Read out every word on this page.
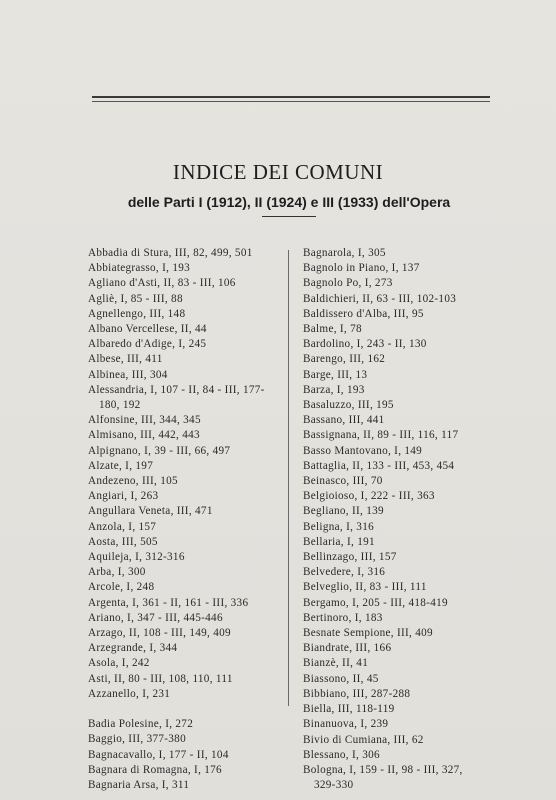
INDICE DEI COMUNI
delle Parti I (1912), II (1924) e III (1933) dell'Opera
Abbadia di Stura, III, 82, 499, 501
Abbiategrasso, I, 193
Agliano d'Asti, II, 83 - III, 106
Agliè, I, 85 - III, 88
Agnellengo, III, 148
Albano Vercellese, II, 44
Albaredo d'Adige, I, 245
Albese, III, 411
Albinea, III, 304
Alessandria, I, 107 - II, 84 - III, 177-
180, 192
Alfonsine, III, 344, 345
Almisano, III, 442, 443
Alpignano, I, 39 - III, 66, 497
Alzate, I, 197
Andezeno, III, 105
Angiari, I, 263
Angullara Veneta, III, 471
Anzola, I, 157
Aosta, III, 505
Aquileja, I, 312-316
Arba, I, 300
Arcole, I, 248
Argenta, I, 361 - II, 161 - III, 336
Ariano, I, 347 - III, 445-446
Arzago, II, 108 - III, 149, 409
Arzegrande, I, 344
Asola, I, 242
Asti, II, 80 - III, 108, 110, 111
Azzanello, I, 231
Badia Polesine, I, 272
Baggio, III, 377-380
Bagnacavallo, I, 177 - II, 104
Bagnara di Romagna, I, 176
Bagnaria Arsa, I, 311
Bagnarola, I, 305
Bagnolo in Piano, I, 137
Bagnolo Po, I, 273
Baldichieri, II, 63 - III, 102-103
Baldissero d'Alba, III, 95
Balme, I, 78
Bardolino, I, 243 - II, 130
Barengo, III, 162
Barge, III, 13
Barza, I, 193
Basaluzzo, III, 195
Bassano, III, 441
Bassignana, II, 89 - III, 116, 117
Basso Mantovano, I, 149
Battaglia, II, 133 - III, 453, 454
Beinasco, III, 70
Belgioioso, I, 222 - III, 363
Begliano, II, 139
Beligna, I, 316
Bellaria, I, 191
Bellinzago, III, 157
Belvedere, I, 316
Belveglio, II, 83 - III, 111
Bergamo, I, 205 - III, 418-419
Bertinoro, I, 183
Besnate Sempione, III, 409
Biandrate, III, 166
Bianzè, II, 41
Biassono, II, 45
Bibbiano, III, 287-288
Biella, III, 118-119
Binanuova, I, 239
Bivio di Cumiana, III, 62
Blessano, I, 306
Bologna, I, 159 - II, 98 - III, 327,
329-330
